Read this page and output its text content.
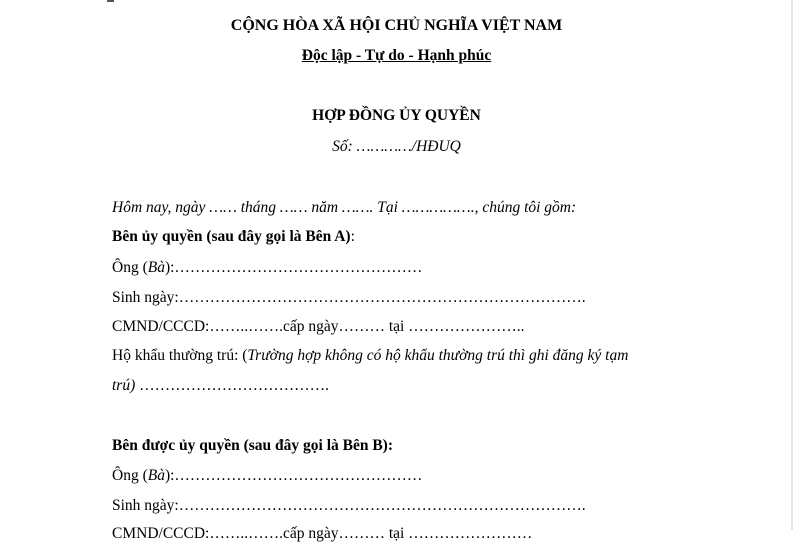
CỘNG HÒA XÃ HỘI CHỦ NGHĨA VIỆT NAM
Độc lập - Tự do - Hạnh phúc
HỢP ĐỒNG ỦY QUYỀN
Số: …………/HĐUQ
Hôm nay, ngày …… tháng …… năm ……. Tại ……………., chúng tôi gồm:
Bên ủy quyền (sau đây gọi là Bên A):
Ông (Bà):…………………………………………
Sinh ngày:…………………………………………………………………….
CMND/CCCD:……..…….cấp ngày……… tại …………………..
Hộ khẩu thường trú: (Trường hợp không có hộ khẩu thường trú thì ghi đăng ký tạm
trú) ……………………………….
Bên được ủy quyền (sau đây gọi là Bên B):
Ông (Bà):…………………………………………
Sinh ngày:…………………………………………………………………….
CMND/CCCD:……..…….cấp ngày……… tại ……………………
